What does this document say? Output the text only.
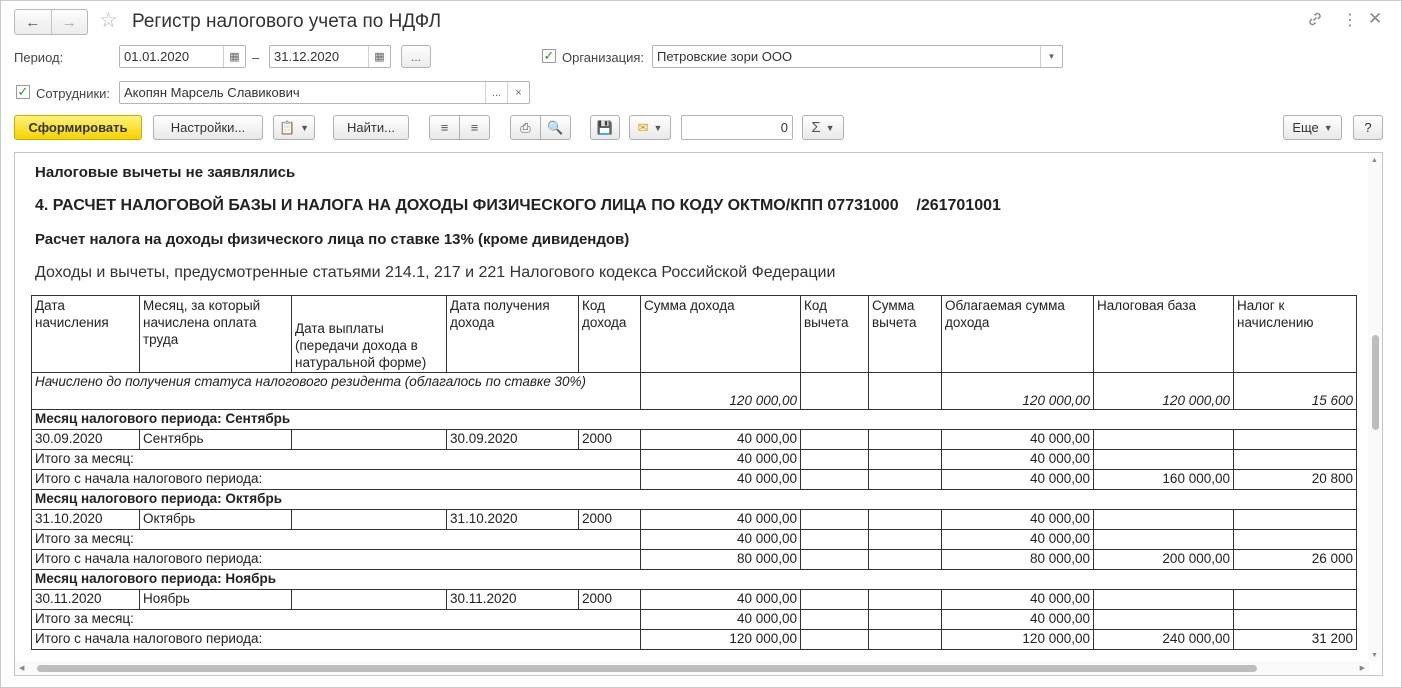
← → ☆ Регистр налогового учета по НДФЛ	⋮ ✕
Период:	01.01.2020	▦ –	31.12.2020	▦	...	✓ Организация: Петровские зори ООО	▼
✓ Сотрудники:	Акопян Марсель Славикович	...	×
Сформировать	Настройки...	📋 ▼	Найти...	≡ ≡	⎙ 🔍	💾 ✉ ▼	0	Σ ▼	Еще ▼	?
Налоговые вычеты не заявлялись
4. РАСЧЕТ НАЛОГОВОЙ БАЗЫ И НАЛОГА НА ДОХОДЫ ФИЗИЧЕСКОГО ЛИЦА ПО КОДУ ОКТМО/КПП 07731000    /261701001
Расчет налога на доходы физического лица по ставке 13% (кроме дивидендов)
Доходы и вычеты, предусмотренные статьями 214.1, 217 и 221 Налогового кодекса Российской Федерации
Дата начисления	Месяц, за который начислена оплата труда	Дата выплаты (передачи дохода в натуральной форме)	Дата получения дохода	Код дохода	Сумма дохода	Код вычета	Сумма вычета	Облагаемая сумма дохода	Налоговая база	Налог к начислению
Начислено до получения статуса налогового резидента (облагалось по ставке 30%)					120 000,00			120 000,00	120 000,00	15 600
Месяц налогового периода: Сентябрь										
30.09.2020	Сентябрь		30.09.2020	2000	40 000,00			40 000,00		
Итого за месяц:					40 000,00			40 000,00		
Итого с начала налогового периода:					40 000,00			40 000,00	160 000,00	20 800
Месяц налогового периода: Октябрь										
31.10.2020	Октябрь		31.10.2020	2000	40 000,00			40 000,00		
Итого за месяц:					40 000,00			40 000,00		
Итого с начала налогового периода:					80 000,00			80 000,00	200 000,00	26 000
Месяц налогового периода: Ноябрь										
30.11.2020	Ноябрь		30.11.2020	2000	40 000,00			40 000,00		
Итого за месяц:					40 000,00			40 000,00		
Итого с начала налогового периода:					120 000,00			120 000,00	240 000,00	31 200
▲
▼
◀	▶
